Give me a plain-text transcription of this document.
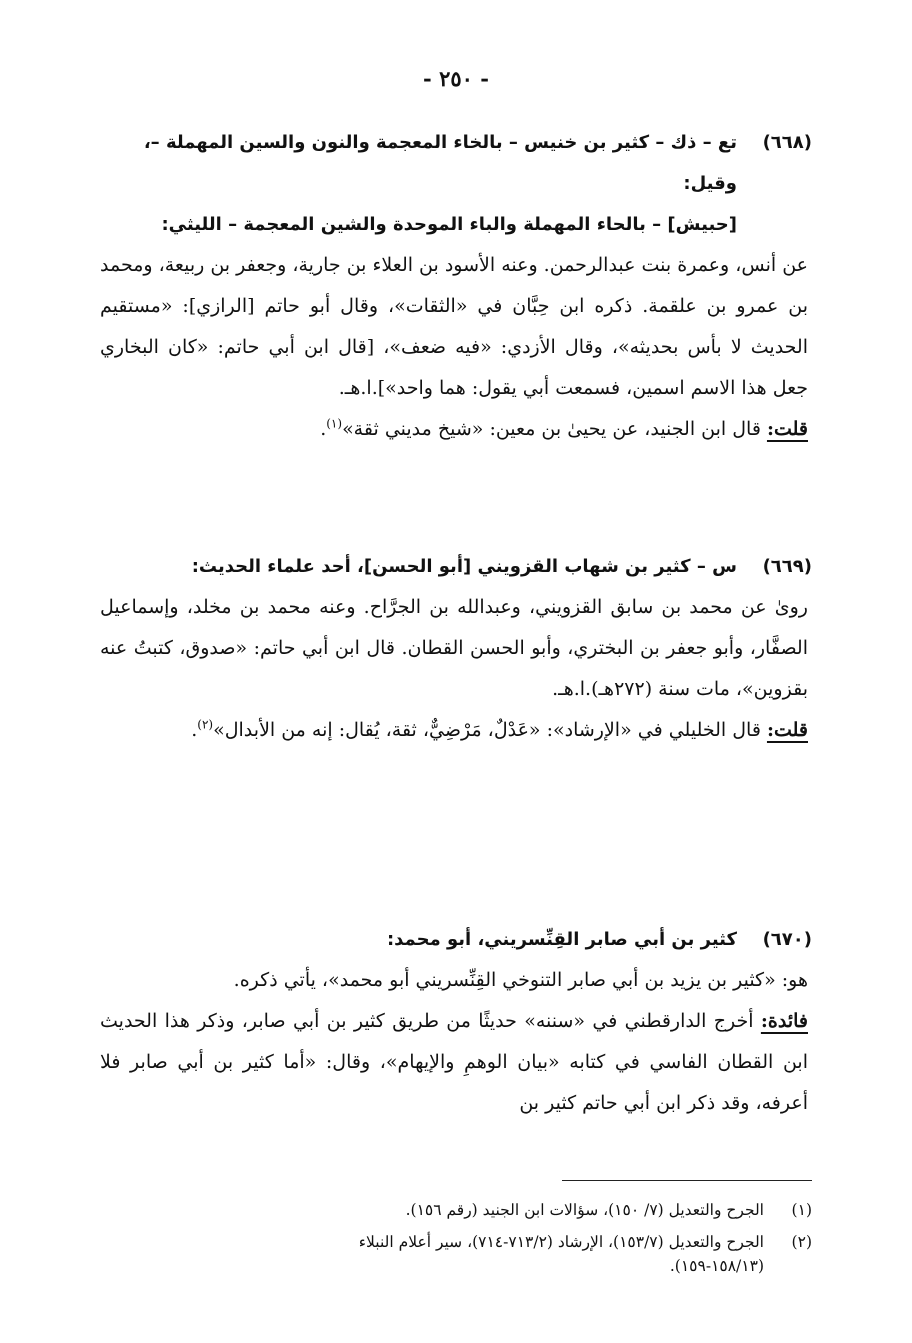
- ٢٥٠ -
(٦٦٨)
تع – ذك – كثير بن خنيس – بالخاء المعجمة والنون والسين المهملة –، وقيل:
[حبيش] – بالحاء المهملة والباء الموحدة والشين المعجمة – الليثي:
عن أنس، وعمرة بنت عبدالرحمن. وعنه الأسود بن العلاء بن جارية، وجعفر بن ربيعة، ومحمد بن عمرو بن علقمة. ذكره ابن حِبَّان في «الثقات»، وقال أبو حاتم [الرازي]: «مستقيم الحديث لا بأس بحديثه»، وقال الأزدي: «فيه ضعف»، [قال ابن أبي حاتم: «كان البخاري جعل هذا الاسم اسمين، فسمعت أبي يقول: هما واحد»].ا.هـ.
قلت: قال ابن الجنيد، عن يحيىٰ بن معين: «شيخ مديني ثقة»$^{(١)}$.
(٦٦٩)
س – كثير بن شهاب القزويني [أبو الحسن]، أحد علماء الحديث:
رویٰ عن محمد بن سابق القزويني، وعبدالله بن الجرَّاح. وعنه محمد بن مخلد، وإسماعيل الصفَّار، وأبو جعفر بن البختري، وأبو الحسن القطان. قال ابن أبي حاتم: «صدوق، كتبتُ عنه بقزوين»، مات سنة (٢٧٢هـ).ا.هـ.
قلت: قال الخليلي في «الإرشاد»: «عَدْلٌ، مَرْضِيٌّ، ثقة، يُقال: إنه من الأبدال»$^{(٢)}$.
(٦٧٠)
كثير بن أبي صابر القِنِّسريني، أبو محمد:
هو: «كثير بن يزيد بن أبي صابر التنوخي القِنِّسريني أبو محمد»، يأتي ذكره.
فائدة: أخرج الدارقطني في «سننه» حديثًا من طريق كثير بن أبي صابر، وذكر هذا الحديث ابن القطان الفاسي في كتابه «بيان الوهمِ والإيهام»، وقال: «أما كثير بن أبي صابر فلا أعرفه، وقد ذكر ابن أبي حاتم كثير بن
(١)الجرح والتعديل (٧/ ١٥٠)، سؤالات ابن الجنيد (رقم ١٥٦).
(٢)الجرح والتعديل (١٥٣/٧)، الإرشاد (٧١٣/٢-٧١٤)، سير أعلام النبلاء
(١٥٨/١٣-١٥٩).
